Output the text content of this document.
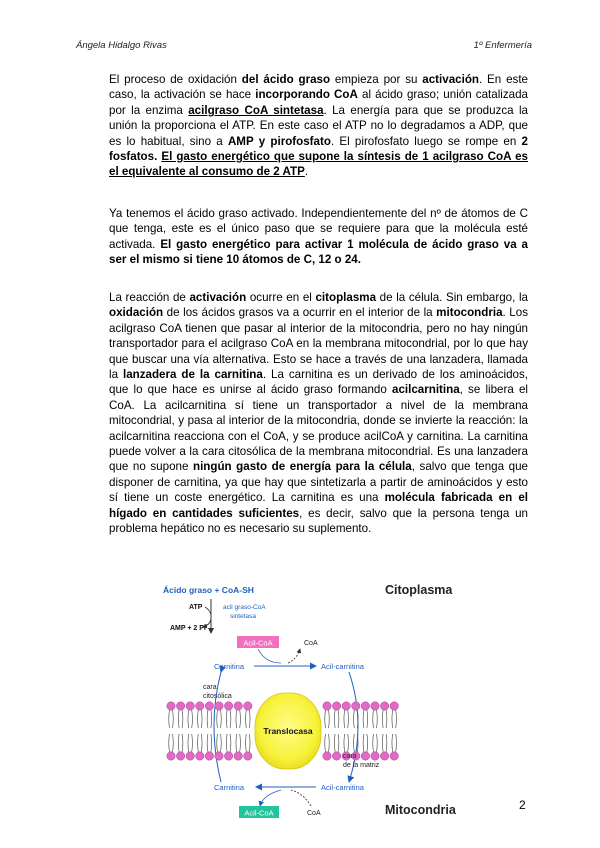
Ángela Hidalgo Rivas	1º Enfermería

El proceso de oxidación del ácido graso empieza por su activación. En este caso, la activación se hace incorporando CoA al ácido graso; unión catalizada por la enzima acilgraso CoA sintetasa. La energía para que se produzca la unión la proporciona el ATP. En este caso el ATP no lo degradamos a ADP, que es lo habitual, sino a AMP y pirofosfato. El pirofosfato luego se rompe en 2 fosfatos. El gasto energético que supone la síntesis de 1 acilgraso CoA es el equivalente al consumo de 2 ATP.

Ya tenemos el ácido graso activado. Independientemente del nº de átomos de C que tenga, este es el único paso que se requiere para que la molécula esté activada. El gasto energético para activar 1 molécula de ácido graso va a ser el mismo si tiene 10 átomos de C, 12 o 24.

La reacción de activación ocurre en el citoplasma de la célula. Sin embargo, la oxidación de los ácidos grasos va a ocurrir en el interior de la mitocondria. Los acilgraso CoA tienen que pasar al interior de la mitocondria, pero no hay ningún transportador para el acilgraso CoA en la membrana mitocondrial, por lo que hay que buscar una vía alternativa. Esto se hace a través de una lanzadera, llamada la lanzadera de la carnitina. La carnitina es un derivado de los aminoácidos, que lo que hace es unirse al ácido graso formando acilcarnitina, se libera el CoA. La acilcarnitina sí tiene un transportador a nivel de la membrana mitocondrial, y pasa al interior de la mitocondria, donde se invierte la reacción: la acilcarnitina reacciona con el CoA, y se produce acilCoA y carnitina. La carnitina puede volver a la cara citosólica de la membrana mitocondrial. Es una lanzadera que no supone ningún gasto de energía para la célula, salvo que tenga que disponer de carnitina, ya que hay que sintetizarla a partir de aminoácidos y esto sí tiene un coste energético. La carnitina es una molécula fabricada en el hígado en cantidades suficientes, es decir, salvo que la persona tenga un problema hepático no es necesario su suplemento.

Ácido graso + CoA-SH	Citoplasma
ATP
AMP + 2 Pi
acil graso-CoA
sintetasa
Acil-CoA	CoA
Carnitina	Acil-carnitina
cara
citosólica
Translocasa
cara
de la matriz
Carnitina	Acil-carnitina
Acil-CoA	CoA	Mitocondria	2
